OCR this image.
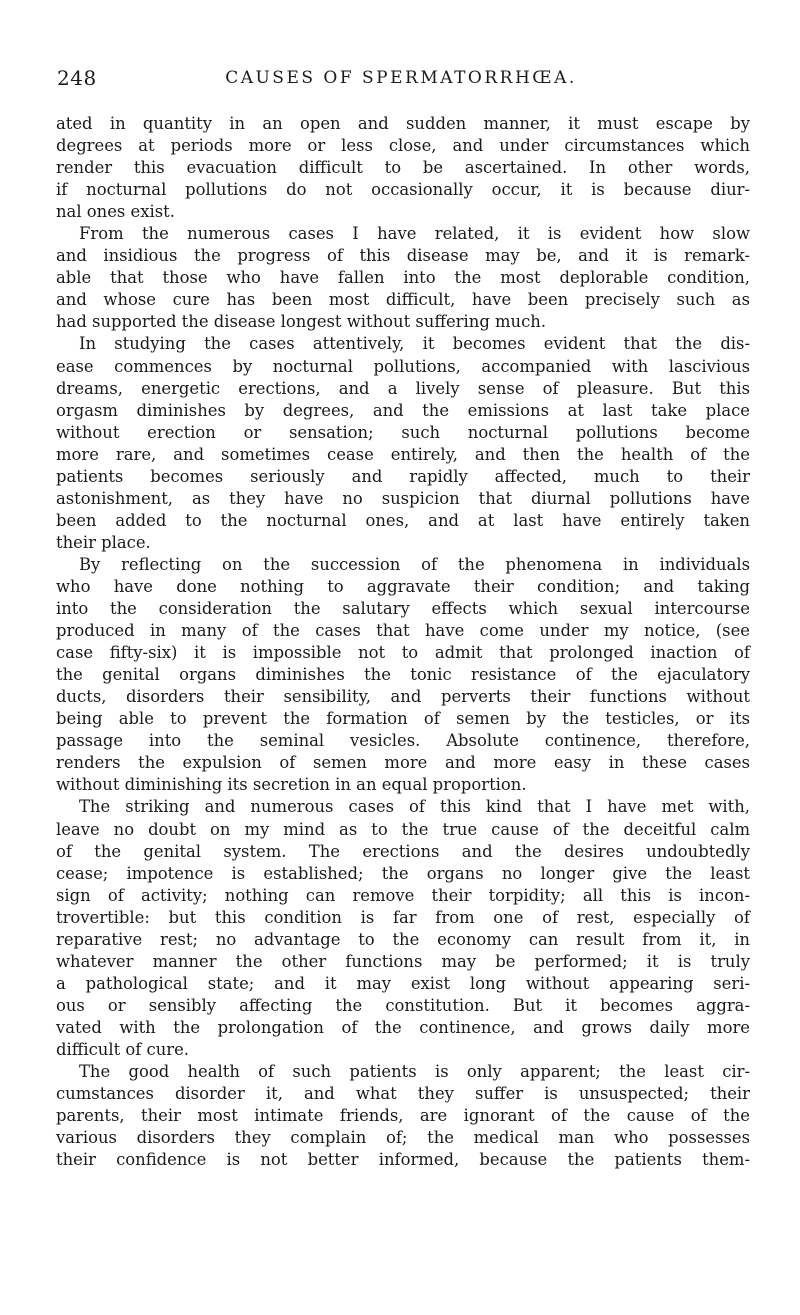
248	CAUSES OF SPERMATORRHŒA.
ated in quantity in an open and sudden manner, it must escape by
degrees at periods more or less close, and under circumstances which
render this evacuation difficult to be ascertained. In other words,
if nocturnal pollutions do not occasionally occur, it is because diur-
nal ones exist.
From the numerous cases I have related, it is evident how slow
and insidious the progress of this disease may be, and it is remark-
able that those who have fallen into the most deplorable condition,
and whose cure has been most difficult, have been precisely such as
had supported the disease longest without suffering much.
In studying the cases attentively, it becomes evident that the dis-
ease commences by nocturnal pollutions, accompanied with lascivious
dreams, energetic erections, and a lively sense of pleasure. But this
orgasm diminishes by degrees, and the emissions at last take place
without erection or sensation; such nocturnal pollutions become
more rare, and sometimes cease entirely, and then the health of the
patients becomes seriously and rapidly affected, much to their
astonishment, as they have no suspicion that diurnal pollutions have
been added to the nocturnal ones, and at last have entirely taken
their place.
By reflecting on the succession of the phenomena in individuals
who have done nothing to aggravate their condition; and taking
into the consideration the salutary effects which sexual intercourse
produced in many of the cases that have come under my notice, (see
case fifty-six) it is impossible not to admit that prolonged inaction of
the genital organs diminishes the tonic resistance of the ejaculatory
ducts, disorders their sensibility, and perverts their functions without
being able to prevent the formation of semen by the testicles, or its
passage into the seminal vesicles. Absolute continence, therefore,
renders the expulsion of semen more and more easy in these cases
without diminishing its secretion in an equal proportion.
The striking and numerous cases of this kind that I have met with,
leave no doubt on my mind as to the true cause of the deceitful calm
of the genital system. The erections and the desires undoubtedly
cease; impotence is established; the organs no longer give the least
sign of activity; nothing can remove their torpidity; all this is incon-
trovertible: but this condition is far from one of rest, especially of
reparative rest; no advantage to the economy can result from it, in
whatever manner the other functions may be performed; it is truly
a pathological state; and it may exist long without appearing seri-
ous or sensibly affecting the constitution. But it becomes aggra-
vated with the prolongation of the continence, and grows daily more
difficult of cure.
The good health of such patients is only apparent; the least cir-
cumstances disorder it, and what they suffer is unsuspected; their
parents, their most intimate friends, are ignorant of the cause of the
various disorders they complain of; the medical man who possesses
their confidence is not better informed, because the patients them-
